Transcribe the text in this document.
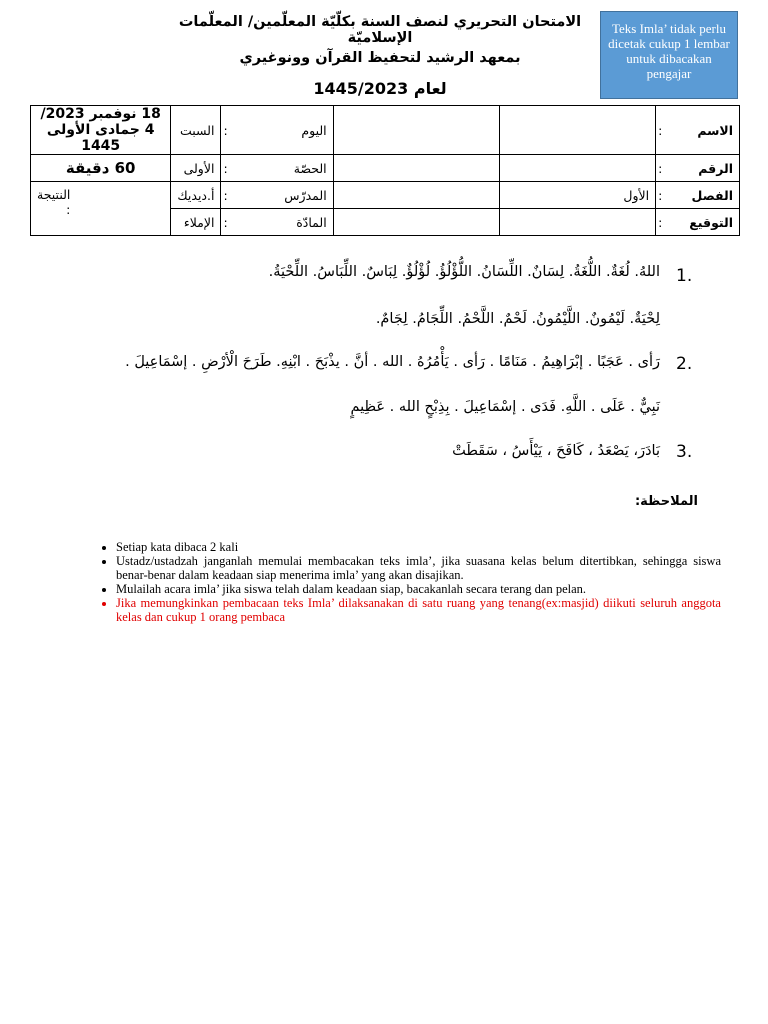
Teks Imla’ tidak perlu dicetak cukup 1 lembar untuk dibacakan pengajar
الامتحان التحريري لنصف السنة بكلّيّة المعلّمين/ المعلّمات الإسلاميّة
بمعهد الرشيد لتحفيظ القرآن وونوغيري
لعام 1445/2023
الاسم	:			اليوم	:	السبت	18 نوفمبر 2023/ 4 جمادى الأولى 1445
الرقم	:			الحصّة	:	الأولى	60 دقيقة
الفصل	:	الأول		المدرّس	:	أ.ديديك	النتيجة :
التوقيع	:			المادّة	:	الإملاء	
1.
اللهُ. لُغَةٌ. اللُّغَةُ. لِسَانٌ. اللِّسَانُ. اللُّؤْلُؤُ. لُؤْلُؤٌ. لِبَاسٌ. اللِّبَاسُ. اللِّحْيَةُ.
لِحْيَةٌ. لَيْمُونٌ. اللَّيْمُونُ. لَحْمٌ. اللَّحْمُ. اللِّجَامُ. لِجَامٌ.
2.
رَأى . عَجَبًا . إبْرَاهِيمُ . مَنَامًا . رَأى . يَأْمُرُهُ . الله . أنَّ . يذْبَحَ . ابْنِهِ. طَرَحَ الْأرْضِ . إسْمَاعِيلَ .
نَبِيٌّ . عَلَى . اللَّهِ. فَدَى . إسْمَاعِيلَ . بِذِبْحٍ الله . عَظِيمٍ
3.
بَادَرَ، يَصْعَدُ ، كَافَحَ ، يَيْأَسُ ، سَقَطَتْ
الملاحظة:
• Setiap kata dibaca 2 kali
• Ustadz/ustadzah janganlah memulai membacakan teks imla’, jika suasana kelas belum ditertibkan, sehingga siswa benar-benar dalam keadaan siap menerima imla’ yang akan disajikan.
• Mulailah acara imla’ jika siswa telah dalam keadaan siap, bacakanlah secara terang dan pelan.
• Jika memungkinkan pembacaan teks Imla’ dilaksanakan di satu ruang yang tenang(ex:masjid) diikuti seluruh anggota kelas dan cukup 1 orang pembaca
